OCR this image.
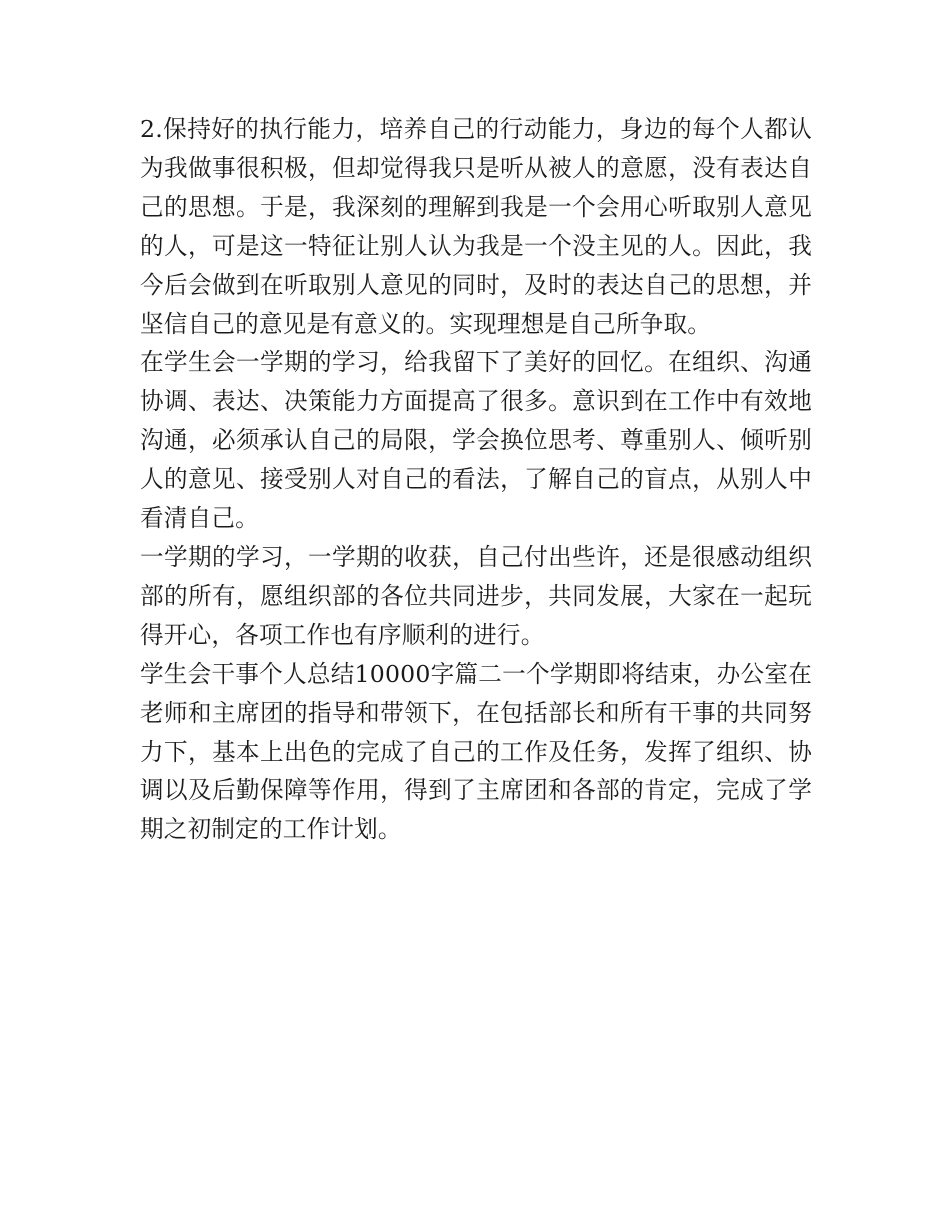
2.保持好的执行能力，培养自己的行动能力，身边的每个人都认为我做事很积极，但却觉得我只是听从被人的意愿，没有表达自己的思想。于是，我深刻的理解到我是一个会用心听取别人意见的人，可是这一特征让别人认为我是一个没主见的人。因此，我今后会做到在听取别人意见的同时，及时的表达自己的思想，并坚信自己的意见是有意义的。实现理想是自己所争取。

在学生会一学期的学习，给我留下了美好的回忆。在组织、沟通协调、表达、决策能力方面提高了很多。意识到在工作中有效地沟通，必须承认自己的局限，学会换位思考、尊重别人、倾听别人的意见、接受别人对自己的看法，了解自己的盲点，从别人中看清自己。

一学期的学习，一学期的收获，自己付出些许，还是很感动组织部的所有，愿组织部的各位共同进步，共同发展，大家在一起玩得开心，各项工作也有序顺利的进行。

学生会干事个人总结10000字篇二一个学期即将结束，办公室在老师和主席团的指导和带领下，在包括部长和所有干事的共同努力下，基本上出色的完成了自己的工作及任务，发挥了组织、协调以及后勤保障等作用，得到了主席团和各部的肯定，完成了学期之初制定的工作计划。
